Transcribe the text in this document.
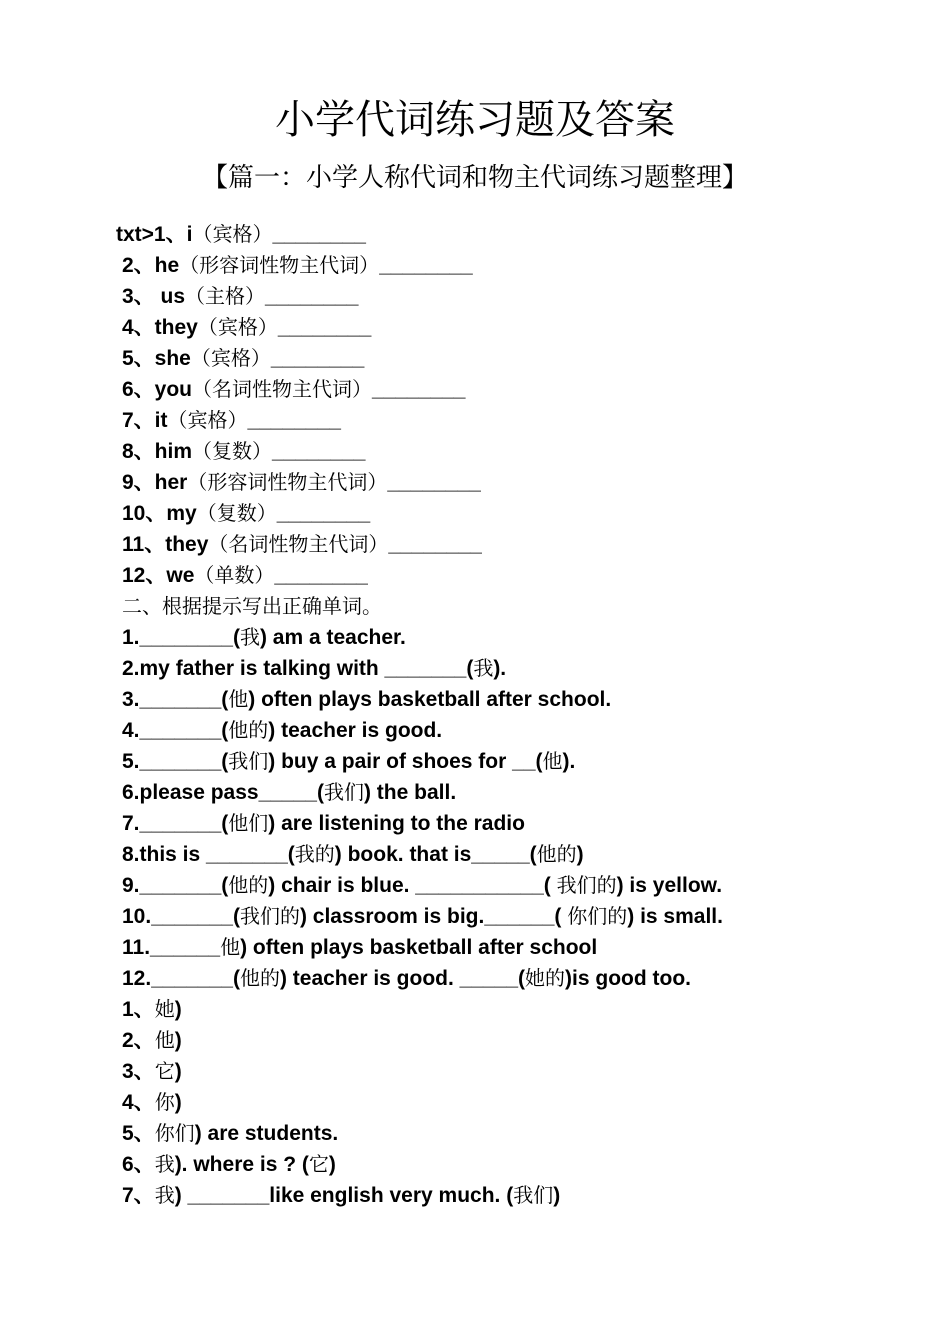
小学代词练习题及答案
【篇一：小学人称代词和物主代词练习题整理】
txt>1、i（宾格）________
2、he（形容词性物主代词）________
3、 us（主格）________
4、they（宾格）________
5、she（宾格）________
6、you（名词性物主代词）________
7、it（宾格）________
8、him（复数）________
9、her（形容词性物主代词）________
10、my（复数）________
11、they（名词性物主代词）________
12、we（单数）________
二、根据提示写出正确单词。
1.________(我) am a teacher.
2.my father is talking with _______(我).
3._______(他) often plays basketball after school.
4._______(他的) teacher is good.
5._______(我们) buy a pair of shoes for __(他).
6.please pass_____(我们) the ball.
7._______(他们) are listening to the radio
8.this is _______(我的) book. that is_____(他的)
9._______(他的) chair is blue. ___________( 我们的) is yellow.
10._______(我们的) classroom is big.______( 你们的) is small.
11.______他) often plays basketball after school
12._______(他的) teacher is good. _____(她的)is good too.
1、她)
2、他)
3、它)
4、你)
5、你们) are students.
6、我). where is ? (它)
7、我) _______like english very much. (我们)
